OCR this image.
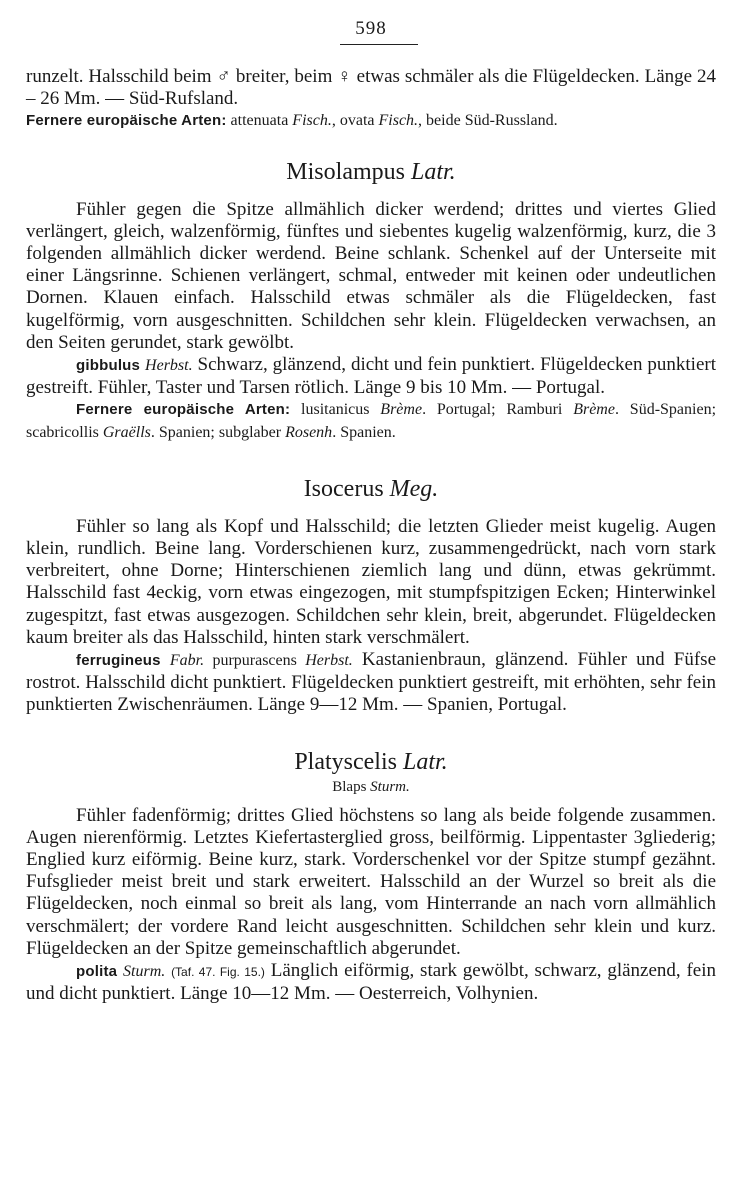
598

runzelt. Halsschild beim ♂ breiter, beim ♀ etwas schmäler als die Flügeldecken. Länge 24 – 26 Mm. — Süd-Rufsland.

Fernere europäische Arten: attenuata Fisch., ovata Fisch., beide Süd-Russland.

Misolampus Latr.

Fühler gegen die Spitze allmählich dicker werdend; drittes und viertes Glied verlängert, gleich, walzenförmig, fünftes und siebentes kugelig walzenförmig, kurz, die 3 folgenden allmählich dicker werdend. Beine schlank. Schenkel auf der Unterseite mit einer Längsrinne. Schienen verlängert, schmal, entweder mit keinen oder undeutlichen Dornen. Klauen einfach. Halsschild etwas schmäler als die Flügeldecken, fast kugelförmig, vorn ausgeschnitten. Schildchen sehr klein. Flügeldecken verwachsen, an den Seiten gerundet, stark gewölbt.

gibbulus Herbst. Schwarz, glänzend, dicht und fein punktiert. Flügeldecken punktiert gestreift. Fühler, Taster und Tarsen rötlich. Länge 9 bis 10 Mm. — Portugal.

Fernere europäische Arten: lusitanicus Brème. Portugal; Ramburi Brème. Süd-Spanien; scabricollis Graëlls. Spanien; subglaber Rosenh. Spanien.

Isocerus Meg.

Fühler so lang als Kopf und Halsschild; die letzten Glieder meist kugelig. Augen klein, rundlich. Beine lang. Vorderschienen kurz, zusammengedrückt, nach vorn stark verbreitert, ohne Dorne; Hinterschienen ziemlich lang und dünn, etwas gekrümmt. Halsschild fast 4eckig, vorn etwas eingezogen, mit stumpfspitzigen Ecken; Hinterwinkel zugespitzt, fast etwas ausgezogen. Schildchen sehr klein, breit, abgerundet. Flügeldecken kaum breiter als das Halsschild, hinten stark verschmälert.

ferrugineus Fabr. purpurascens Herbst. Kastanienbraun, glänzend. Fühler und Füfse rostrot. Halsschild dicht punktiert. Flügeldecken punktiert gestreift, mit erhöhten, sehr fein punktierten Zwischenräumen. Länge 9—12 Mm. — Spanien, Portugal.

Platyscelis Latr.
Blaps Sturm.

Fühler fadenförmig; drittes Glied höchstens so lang als beide folgende zusammen. Augen nierenförmig. Letztes Kiefertasterglied gross, beilförmig. Lippentaster 3gliederig; Englied kurz eiförmig. Beine kurz, stark. Vorderschenkel vor der Spitze stumpf gezähnt. Fufsglieder meist breit und stark erweitert. Halsschild an der Wurzel so breit als die Flügeldecken, noch einmal so breit als lang, vom Hinterrande an nach vorn allmählich verschmälert; der vordere Rand leicht ausgeschnitten. Schildchen sehr klein und kurz. Flügeldecken an der Spitze gemeinschaftlich abgerundet.

polita Sturm. (Taf. 47. Fig. 15.) Länglich eiförmig, stark gewölbt, schwarz, glänzend, fein und dicht punktiert. Länge 10—12 Mm. — Oesterreich, Volhynien.
